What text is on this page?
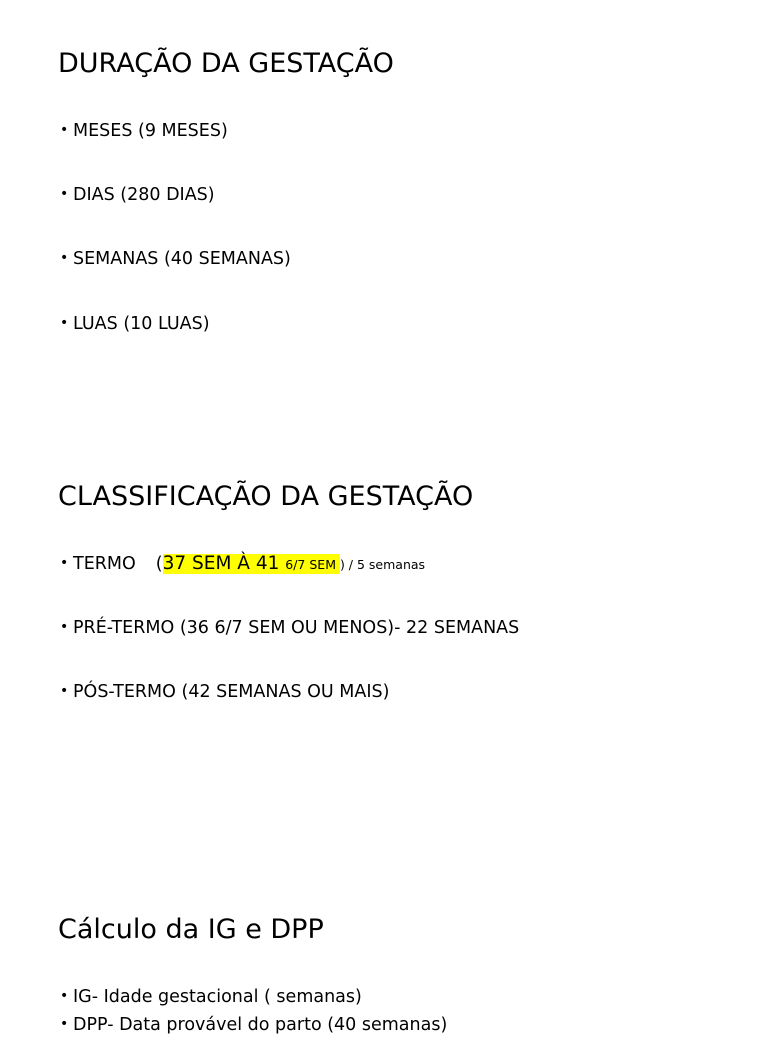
DURAÇÃO DA GESTAÇÃO
• MESES (9 MESES)
• DIAS (280 DIAS)
• SEMANAS (40 SEMANAS)
• LUAS (10 LUAS)
CLASSIFICAÇÃO DA GESTAÇÃO
• TERMO (37 SEM À 41 6/7 SEM ) / 5 semanas
• PRÉ-TERMO (36 6/7 SEM OU MENOS)- 22 SEMANAS
• PÓS-TERMO (42 SEMANAS OU MAIS)
Cálculo da IG e DPP
• IG- Idade gestacional ( semanas)
• DPP- Data provável do parto (40 semanas)
